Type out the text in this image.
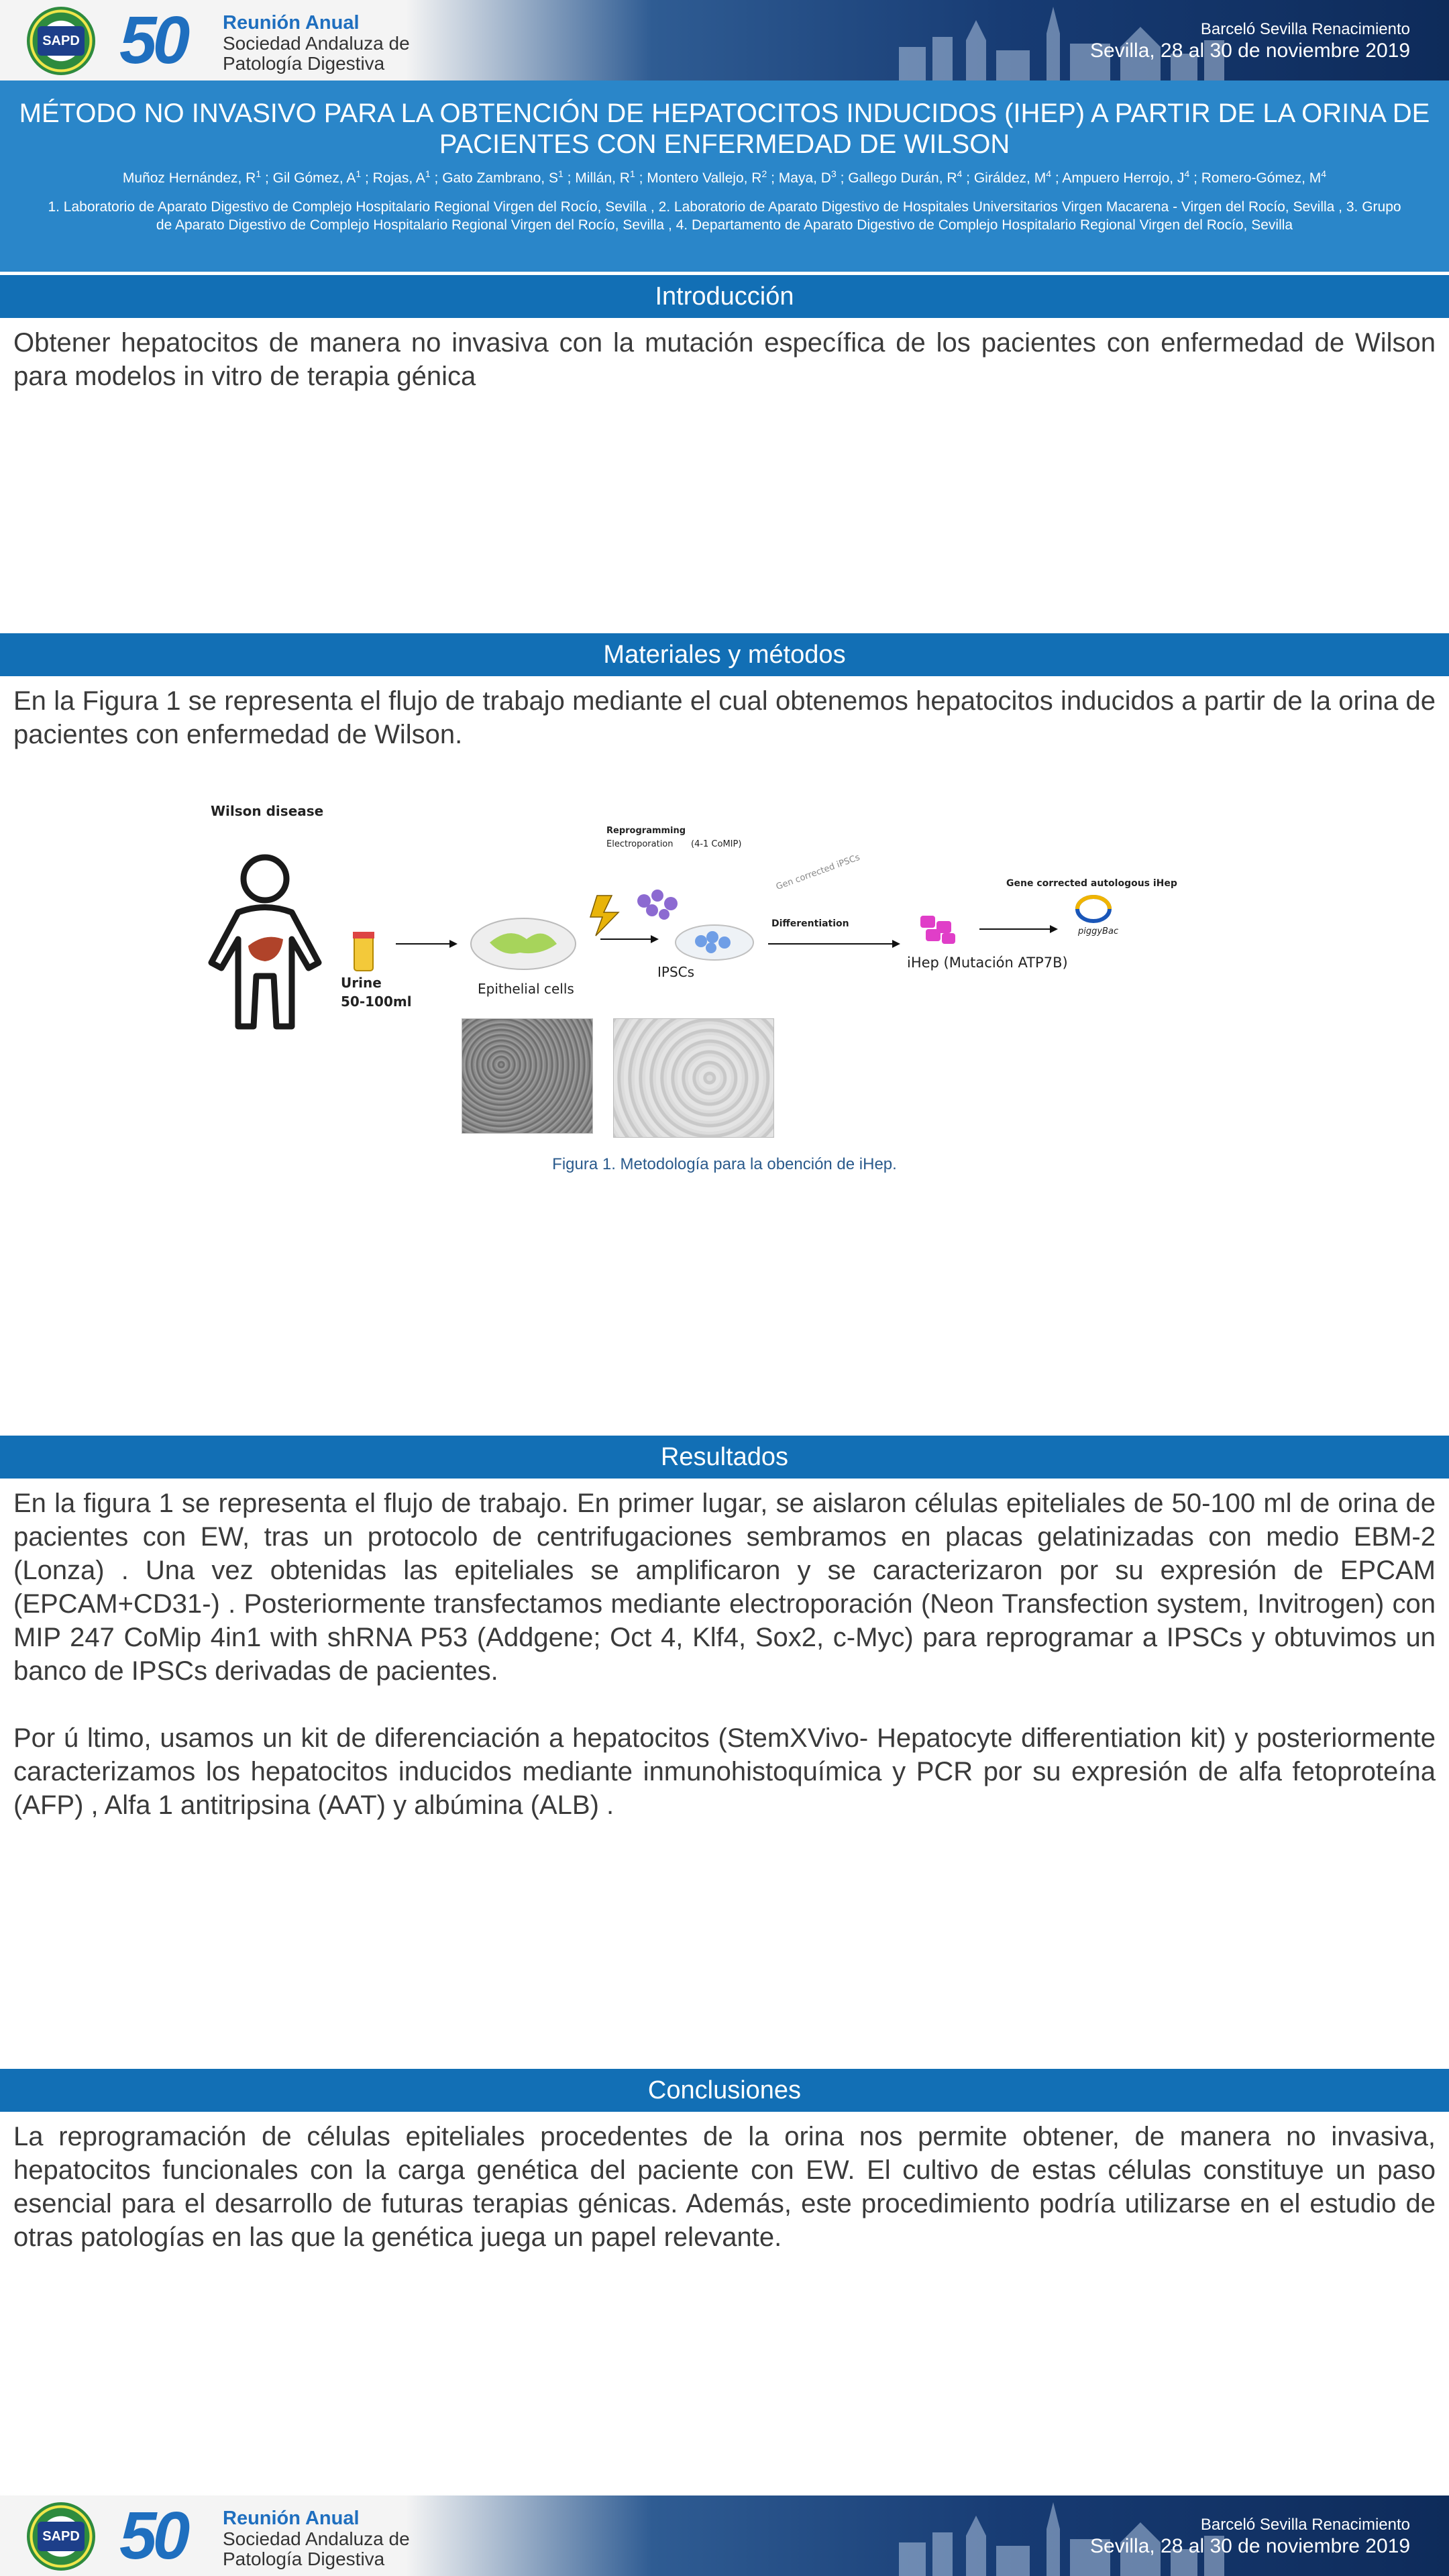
SAPD 50 Reunión Anual
Sociedad Andaluza de
Patología Digestiva
Barceló Sevilla Renacimiento
Sevilla, 28 al 30 de noviembre 2019
MÉTODO NO INVASIVO PARA LA OBTENCIÓN DE HEPATOCITOS INDUCIDOS (IHEP) A PARTIR DE LA ORINA DE PACIENTES CON ENFERMEDAD DE WILSON
Muñoz Hernández, $R^1$ ; Gil Gómez, $A^1$ ; Rojas, $A^1$ ; Gato Zambrano, $S^1$ ; Millán, $R^1$ ; Montero Vallejo, $R^2$ ; Maya, $D^3$ ; Gallego Durán, $R^4$ ; Giráldez, $M^4$ ; Ampuero Herrojo, $J^4$ ; Romero-Gómez, $M^4$
1. Laboratorio de Aparato Digestivo de Complejo Hospitalario Regional Virgen del Rocío, Sevilla , 2. Laboratorio de Aparato Digestivo de Hospitales Universitarios Virgen Macarena - Virgen del Rocío, Sevilla , 3. Grupo de Aparato Digestivo de Complejo Hospitalario Regional Virgen del Rocío, Sevilla , 4. Departamento de Aparato Digestivo de Complejo Hospitalario Regional Virgen del Rocío, Sevilla
Introducción
Obtener hepatocitos de manera no invasiva con la mutación específica de los pacientes con enfermedad de Wilson para modelos in vitro de terapia génica
Materiales y métodos
En la Figura 1 se representa el flujo de trabajo mediante el cual obtenemos hepatocitos inducidos a partir de la orina de pacientes con enfermedad de Wilson.
Wilson disease
Urine
50-100ml
Epithelial cells
Reprogramming
Electroporation (4-1 CoMIP)
IPSCs
Gen corrected iPSCs
Differentiation
iHep (Mutación ATP7B)
Gene corrected autologous iHep
piggyBac
Figura 1. Metodología para la obención de iHep.
Resultados
En la figura 1 se representa el flujo de trabajo. En primer lugar, se aislaron células epiteliales de 50-100 ml de orina de pacientes con EW, tras un protocolo de centrifugaciones sembramos en placas gelatinizadas con medio EBM-2 (Lonza) . Una vez obtenidas las epiteliales se amplificaron y se caracterizaron por su expresión de EPCAM (EPCAM+CD31-) . Posteriormente transfectamos mediante electroporación (Neon Transfection system, Invitrogen) con MIP 247 CoMip 4in1 with shRNA P53 (Addgene; Oct 4, Klf4, Sox2, c-Myc) para reprogramar a IPSCs y obtuvimos un banco de IPSCs derivadas de pacientes.
Por ú ltimo, usamos un kit de diferenciación a hepatocitos (StemXVivo- Hepatocyte differentiation kit) y posteriormente caracterizamos los hepatocitos inducidos mediante inmunohistoquímica y PCR por su expresión de alfa fetoproteína (AFP) , Alfa 1 antitripsina (AAT) y albúmina (ALB) .
Conclusiones
La reprogramación de células epiteliales procedentes de la orina nos permite obtener, de manera no invasiva, hepatocitos funcionales con la carga genética del paciente con EW. El cultivo de estas células constituye un paso esencial para el desarrollo de futuras terapias génicas. Además, este procedimiento podría utilizarse en el estudio de otras patologías en las que la genética juega un papel relevante.
SAPD 50 Reunión Anual
Sociedad Andaluza de
Patología Digestiva
Barceló Sevilla Renacimiento
Sevilla, 28 al 30 de noviembre 2019
